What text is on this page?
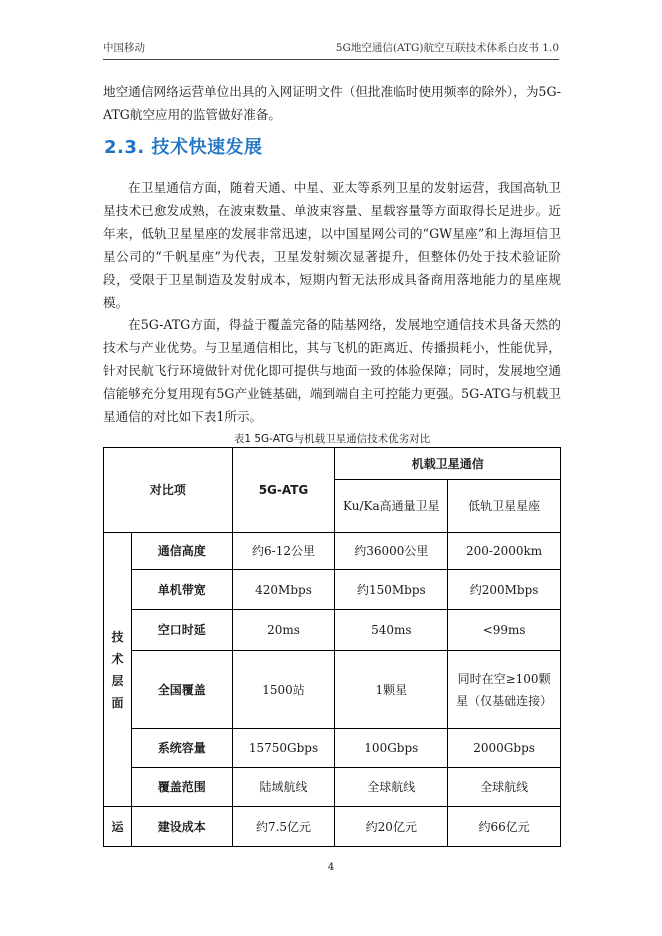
中国移动	5G地空通信(ATG)航空互联技术体系白皮书 1.0
地空通信网络运营单位出具的入网证明文件（但批准临时使用频率的除外），为5G-ATG航空应用的监管做好准备。
2.3. 技术快速发展
在卫星通信方面，随着天通、中星、亚太等系列卫星的发射运营，我国高轨卫星技术已愈发成熟，在波束数量、单波束容量、星载容量等方面取得长足进步。近年来，低轨卫星星座的发展非常迅速，以中国星网公司的“GW星座”和上海垣信卫星公司的“千帆星座”为代表，卫星发射频次显著提升，但整体仍处于技术验证阶段，受限于卫星制造及发射成本，短期内暂无法形成具备商用落地能力的星座规模。
在5G-ATG方面，得益于覆盖完备的陆基网络，发展地空通信技术具备天然的技术与产业优势。与卫星通信相比，其与飞机的距离近、传播损耗小，性能优异，针对民航飞行环境做针对优化即可提供与地面一致的体验保障；同时，发展地空通信能够充分复用现有5G产业链基础，端到端自主可控能力更强。5G-ATG与机载卫星通信的对比如下表1所示。
表1 5G-ATG与机载卫星通信技术优劣对比
对比项		5G-ATG	机载卫星通信	
			Ku/Ka高通量卫星	低轨卫星星座
技术层面	通信高度	约6-12公里	约36000公里	200-2000km
	单机带宽	420Mbps	约150Mbps	约200Mbps
	空口时延	20ms	540ms	<99ms
	全国覆盖	1500站	1颗星	同时在空≥100颗星（仅基础连接）
	系统容量	15750Gbps	100Gbps	2000Gbps
	覆盖范围	陆域航线	全球航线	全球航线
运	建设成本	约7.5亿元	约20亿元	约66亿元
4
